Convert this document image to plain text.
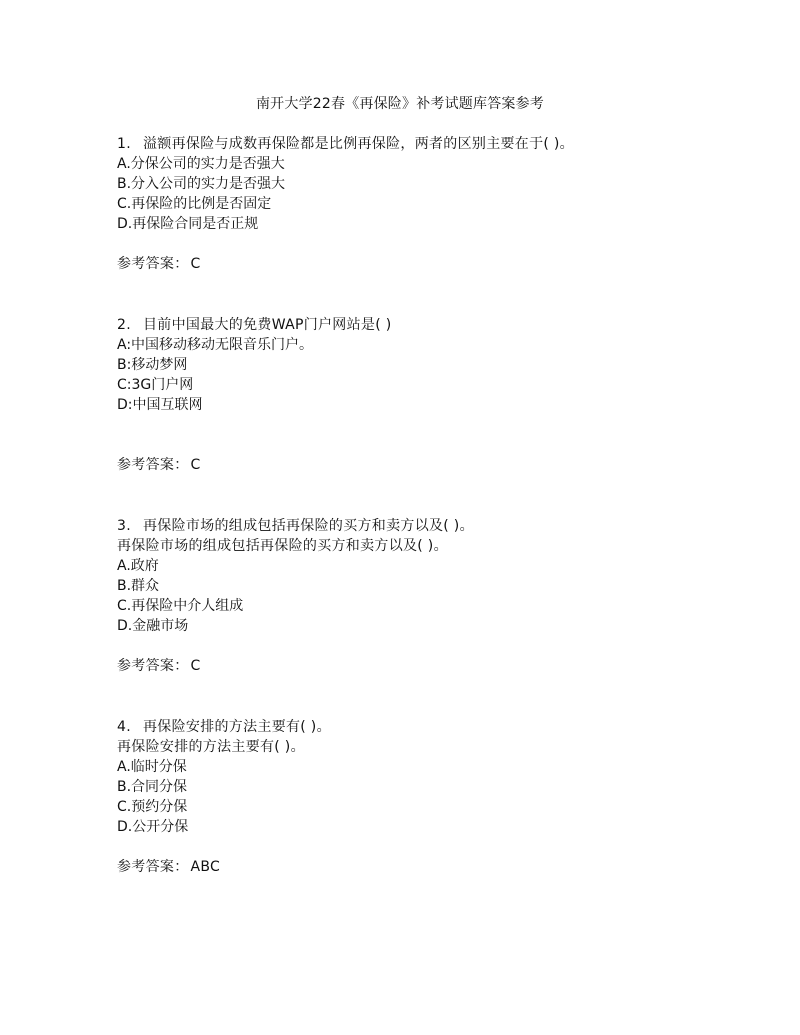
南开大学22春《再保险》补考试题库答案参考
1. 溢额再保险与成数再保险都是比例再保险，两者的区别主要在于( )。
A.分保公司的实力是否强大
B.分入公司的实力是否强大
C.再保险的比例是否固定
D.再保险合同是否正规
参考答案： C
2. 目前中国最大的免费WAP门户网站是( )
A:中国移动移动无限音乐门户。
B:移动梦网
C:3G门户网
D:中国互联网
参考答案： C
3. 再保险市场的组成包括再保险的买方和卖方以及( )。
再保险市场的组成包括再保险的买方和卖方以及( )。
A.政府
B.群众
C.再保险中介人组成
D.金融市场
参考答案： C
4. 再保险安排的方法主要有( )。
再保险安排的方法主要有( )。
A.临时分保
B.合同分保
C.预约分保
D.公开分保
参考答案： ABC
